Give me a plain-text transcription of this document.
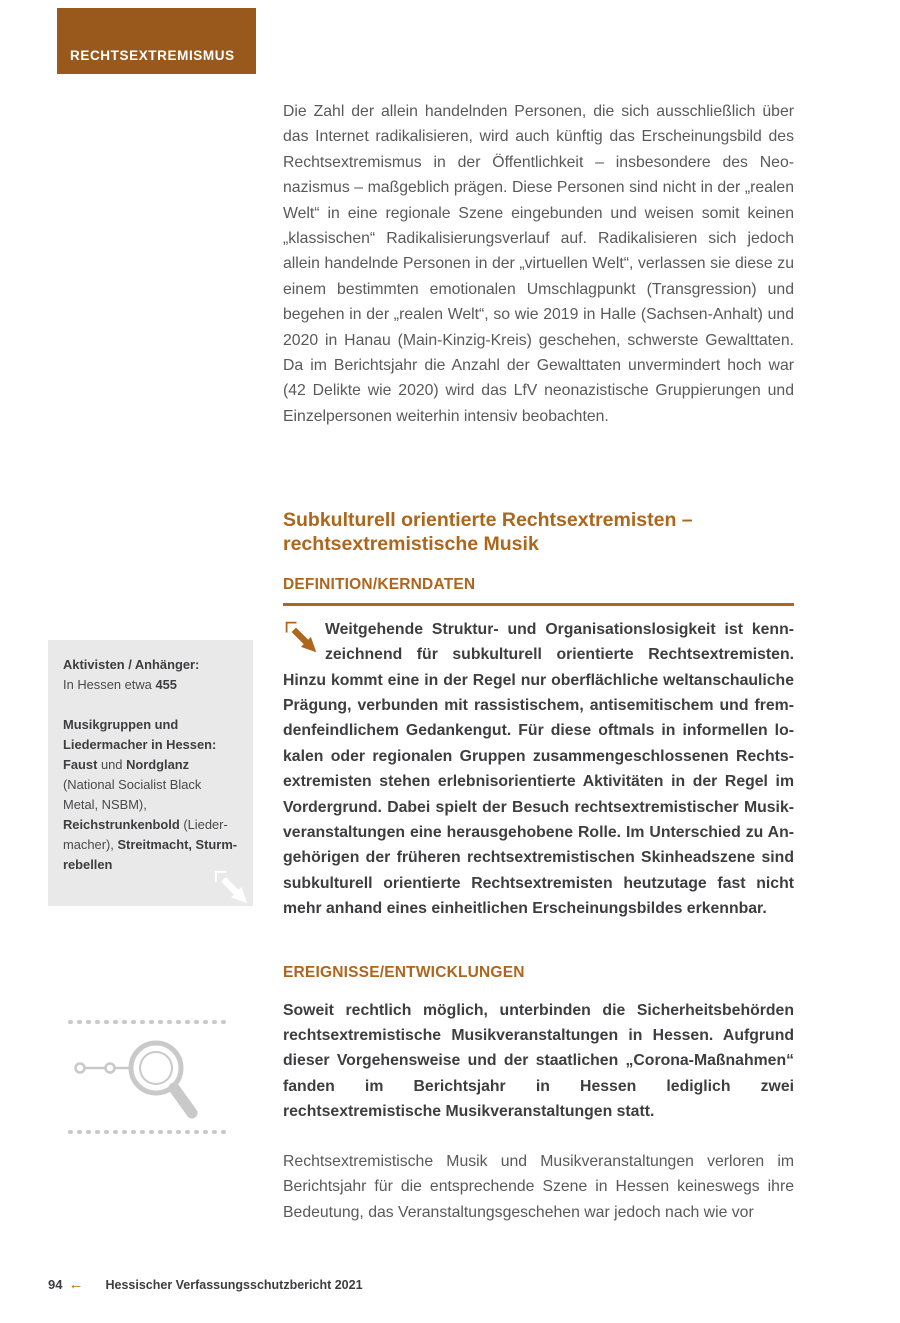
RECHTSEXTREMISMUS

Aktivisten / Anhänger:

In Hessen etwa 455

Musikgruppen und Liedermacher in Hessen:

Faust und Nordglanz (National Socialist Black Metal, NSBM), Reichstrunkenbold (Liedermacher), Streitmacht, Sturmrebellen

Die Zahl der allein handelnden Personen, die sich ausschließlich über das Internet radikalisieren, wird auch künftig das Erscheinungsbild des Rechtsextremismus in der Öffentlichkeit – insbesondere des Neonazismus – maßgeblich prägen. Diese Personen sind nicht in der „realen Welt“ in eine regionale Szene eingebunden und weisen somit keinen „klassischen“ Radikalisierungsverlauf auf. Radikalisieren sich jedoch allein handelnde Personen in der „virtuellen Welt“, verlassen sie diese zu einem bestimmten emotionalen Umschlagpunkt (Transgression) und begehen in der „realen Welt“, so wie 2019 in Halle (Sachsen-Anhalt) und 2020 in Hanau (Main-Kinzig-Kreis) geschehen, schwerste Gewalttaten. Da im Berichtsjahr die Anzahl der Gewalttaten unvermindert hoch war (42 Delikte wie 2020) wird das LfV neonazistische Gruppierungen und Einzelpersonen weiterhin intensiv beobachten.

Subkulturell orientierte Rechtsextremisten –
rechtsextremistische Musik
DEFINITION/KERNDATEN

Weitgehende Struktur- und Organisationslosigkeit ist kennzeichnend für subkulturell orientierte Rechtsextremisten. Hinzu kommt eine in der Regel nur oberflächliche weltanschauliche Prägung, verbunden mit rassistischem, antisemitischem und fremdenfeindlichem Gedankengut. Für diese oftmals in informellen lokalen oder regionalen Gruppen zusammengeschlossenen Rechtsextremisten stehen erlebnisorientierte Aktivitäten in der Regel im Vordergrund. Dabei spielt der Besuch rechtsextremistischer Musikveranstaltungen eine herausgehobene Rolle. Im Unterschied zu Angehörigen der früheren rechtsextremistischen Skinheadszene sind subkulturell orientierte Rechtsextremisten heutzutage fast nicht mehr anhand eines einheitlichen Erscheinungsbildes erkennbar.

EREIGNISSE/ENTWICKLUNGEN

Soweit rechtlich möglich, unterbinden die Sicherheitsbehörden rechtsextremistische Musikveranstaltungen in Hessen. Aufgrund dieser Vorgehensweise und der staatlichen „Corona-Maßnahmen“ fanden im Berichtsjahr in Hessen lediglich zwei rechtsextremistische Musikveranstaltungen statt.

Rechtsextremistische Musik und Musikveranstaltungen verloren im Berichtsjahr für die entsprechende Szene in Hessen keineswegs ihre Bedeutung, das Veranstaltungsgeschehen war jedoch nach wie vor

94 ← Hessischer Verfassungsschutzbericht 2021
